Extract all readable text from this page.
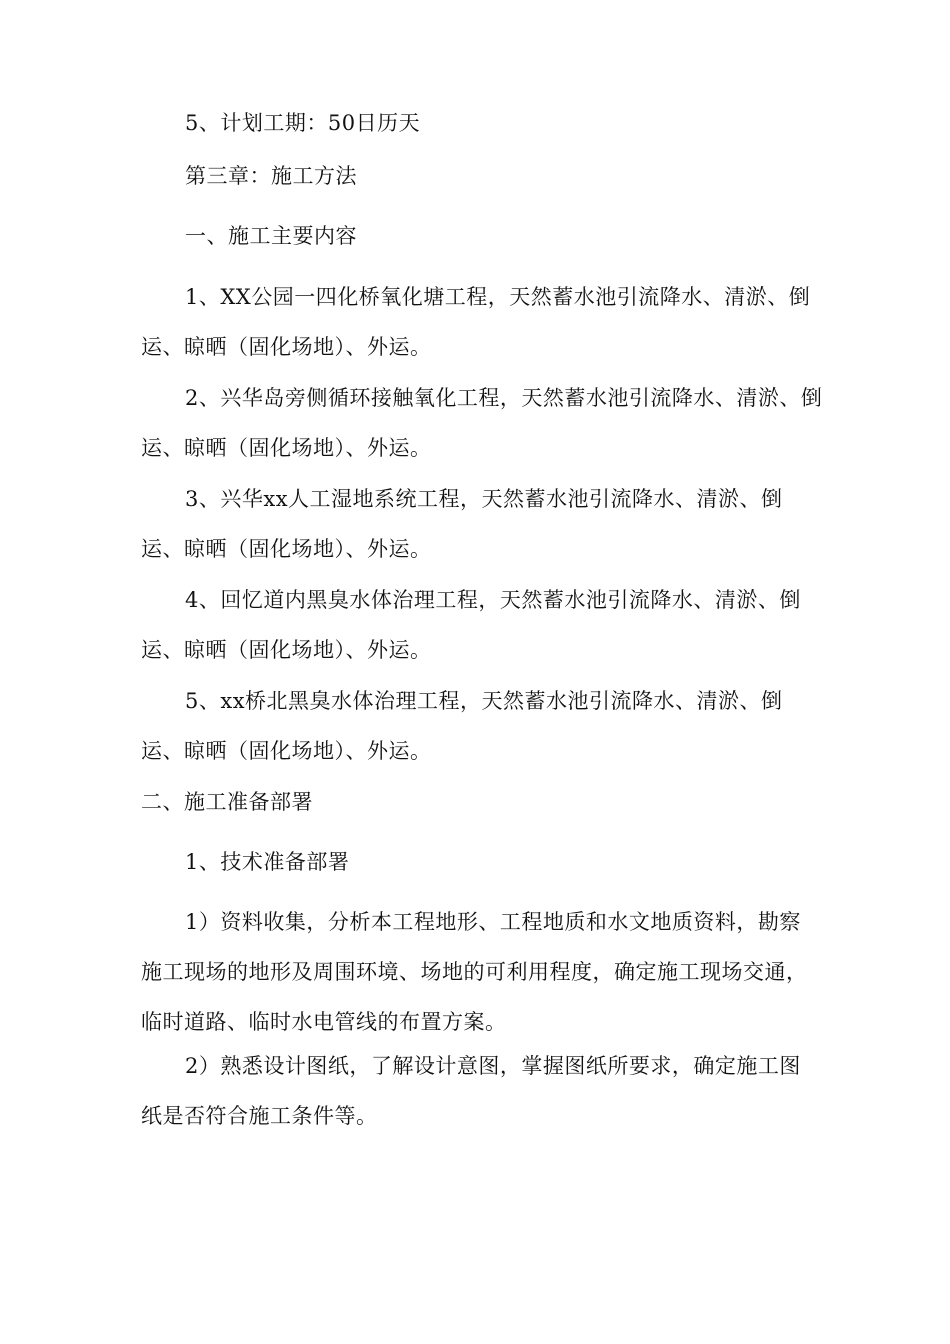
5、计划工期：50日历天

第三章：施工方法

一、施工主要内容

1、XX公园一四化桥氧化塘工程，天然蓄水池引流降水、清淤、倒运、晾晒（固化场地）、外运。

2、兴华岛旁侧循环接触氧化工程，天然蓄水池引流降水、清淤、倒运、晾晒（固化场地）、外运。

3、兴华xx人工湿地系统工程，天然蓄水池引流降水、清淤、倒运、晾晒（固化场地）、外运。

4、回忆道内黑臭水体治理工程，天然蓄水池引流降水、清淤、倒运、晾晒（固化场地）、外运。

5、xx桥北黑臭水体治理工程，天然蓄水池引流降水、清淤、倒运、晾晒（固化场地）、外运。

二、施工准备部署

1、技术准备部署

1）资料收集，分析本工程地形、工程地质和水文地质资料，勘察施工现场的地形及周围环境、场地的可利用程度，确定施工现场交通，临时道路、临时水电管线的布置方案。

2）熟悉设计图纸，了解设计意图，掌握图纸所要求，确定施工图纸是否符合施工条件等。
